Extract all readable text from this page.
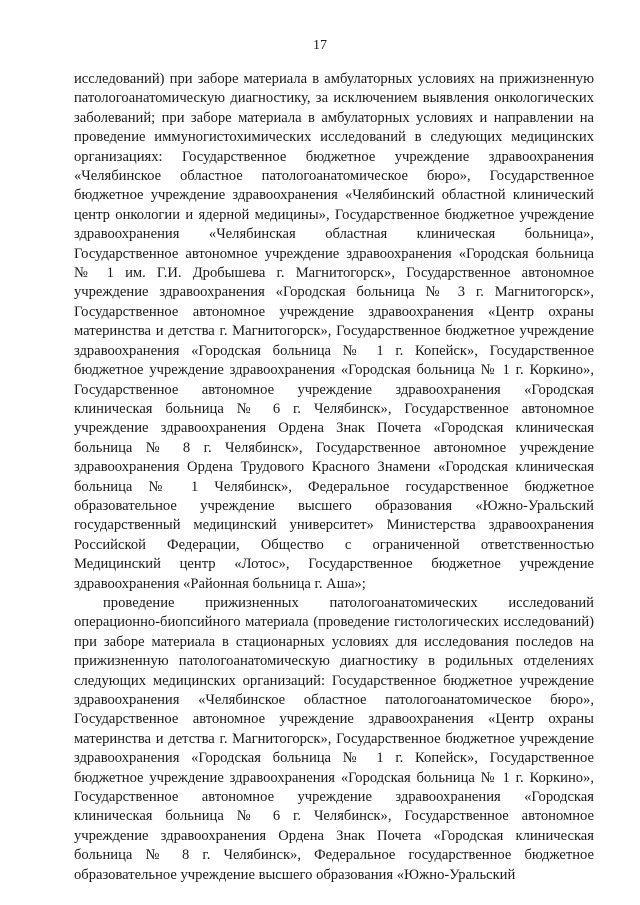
17

исследований) при заборе материала в амбулаторных условиях на прижизненную патологоанатомическую диагностику, за исключением выявления онкологических заболеваний; при заборе материала в амбулаторных условиях и направлении на проведение иммуногистохимических исследований в следующих медицинских организациях: Государственное бюджетное учреждение здравоохранения «Челябинское областное патологоанатомическое бюро», Государственное бюджетное учреждение здравоохранения «Челябинский областной клинический центр онкологии и ядерной медицины», Государственное бюджетное учреждение здравоохранения «Челябинская областная клиническая больница», Государственное автономное учреждение здравоохранения «Городская больница № 1 им. Г.И. Дробышева г. Магнитогорск», Государственное автономное учреждение здравоохранения «Городская больница № 3 г. Магнитогорск», Государственное автономное учреждение здравоохранения «Центр охраны материнства и детства г. Магнитогорск», Государственное бюджетное учреждение здравоохранения «Городская больница № 1 г. Копейск», Государственное бюджетное учреждение здравоохранения «Городская больница № 1 г. Коркино», Государственное автономное учреждение здравоохранения «Городская клиническая больница № 6 г. Челябинск», Государственное автономное учреждение здравоохранения Ордена Знак Почета «Городская клиническая больница № 8 г. Челябинск», Государственное автономное учреждение здравоохранения Ордена Трудового Красного Знамени «Городская клиническая больница № 1 Челябинск», Федеральное государственное бюджетное образовательное учреждение высшего образования «Южно-Уральский государственный медицинский университет» Министерства здравоохранения Российской Федерации, Общество с ограниченной ответственностью Медицинский центр «Лотос», Государственное бюджетное учреждение здравоохранения «Районная больница г. Аша»;

проведение прижизненных патологоанатомических исследований операционно-биопсийного материала (проведение гистологических исследований) при заборе материала в стационарных условиях для исследования последов на прижизненную патологоанатомическую диагностику в родильных отделениях следующих медицинских организаций: Государственное бюджетное учреждение здравоохранения «Челябинское областное патологоанатомическое бюро», Государственное автономное учреждение здравоохранения «Центр охраны материнства и детства г. Магнитогорск», Государственное бюджетное учреждение здравоохранения «Городская больница № 1 г. Копейск», Государственное бюджетное учреждение здравоохранения «Городская больница № 1 г. Коркино», Государственное автономное учреждение здравоохранения «Городская клиническая больница № 6 г. Челябинск», Государственное автономное учреждение здравоохранения Ордена Знак Почета «Городская клиническая больница № 8 г. Челябинск», Федеральное государственное бюджетное образовательное учреждение высшего образования «Южно-Уральский
